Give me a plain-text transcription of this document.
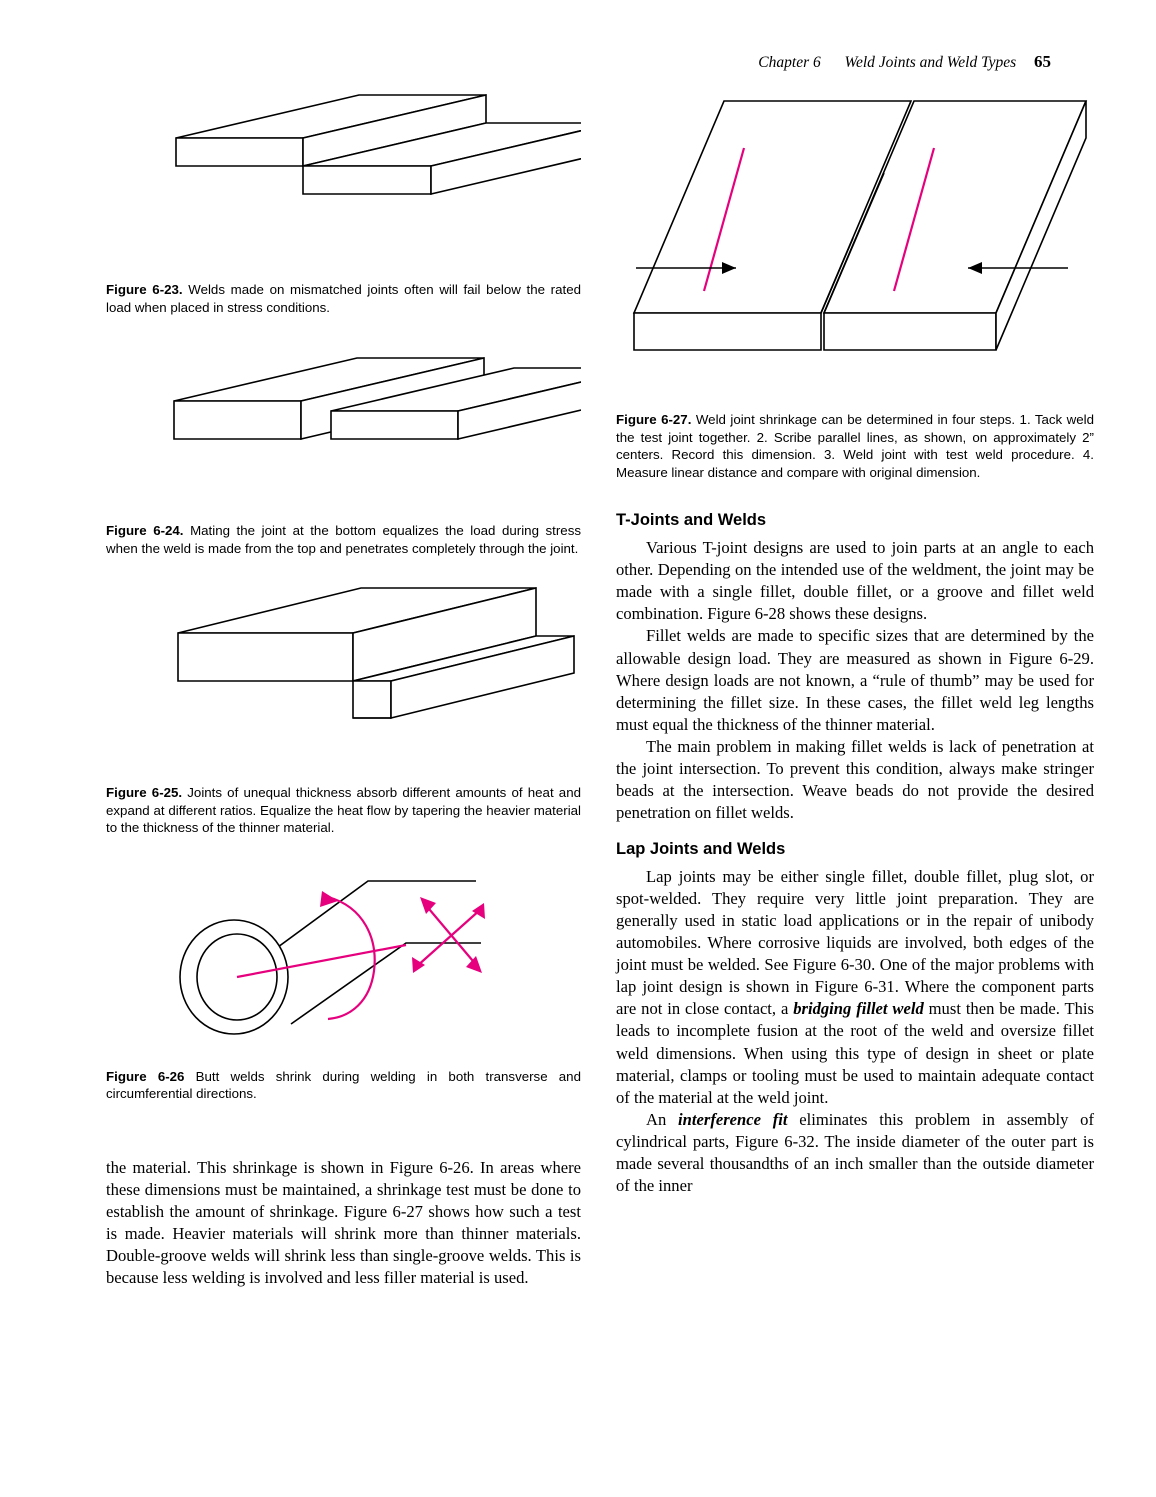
Chapter 6 Weld Joints and Weld Types 65

Figure 6-23. Welds made on mismatched joints often will fail below the rated load when placed in stress conditions.

Figure 6-24. Mating the joint at the bottom equalizes the load during stress when the weld is made from the top and penetrates completely through the joint.

Figure 6-25. Joints of unequal thickness absorb different amounts of heat and expand at different ratios. Equalize the heat flow by tapering the heavier material to the thickness of the thinner material.

Figure 6-26 Butt welds shrink during welding in both transverse and circumferential directions.

the material. This shrinkage is shown in Figure 6-26. In areas where these dimensions must be maintained, a shrinkage test must be done to establish the amount of shrinkage. Figure 6-27 shows how such a test is made. Heavier materials will shrink more than thinner materials. Double-groove welds will shrink less than single-groove welds. This is because less welding is involved and less filler material is used.

Figure 6-27. Weld joint shrinkage can be determined in four steps. 1. Tack weld the test joint together. 2. Scribe parallel lines, as shown, on approximately 2” centers. Record this dimension. 3. Weld joint with test weld procedure. 4. Measure linear distance and compare with original dimension.

T-Joints and Welds

Various T-joint designs are used to join parts at an angle to each other. Depending on the intended use of the weldment, the joint may be made with a single fillet, double fillet, or a groove and fillet weld combination. Figure 6-28 shows these designs.

Fillet welds are made to specific sizes that are determined by the allowable design load. They are measured as shown in Figure 6-29. Where design loads are not known, a “rule of thumb” may be used for determining the fillet size. In these cases, the fillet weld leg lengths must equal the thickness of the thinner material.

The main problem in making fillet welds is lack of penetration at the joint intersection. To prevent this condition, always make stringer beads at the intersection. Weave beads do not provide the desired penetration on fillet welds.

Lap Joints and Welds

Lap joints may be either single fillet, double fillet, plug slot, or spot-welded. They require very little joint preparation. They are generally used in static load applications or in the repair of unibody automobiles. Where corrosive liquids are involved, both edges of the joint must be welded. See Figure 6-30. One of the major problems with lap joint design is shown in Figure 6-31. Where the component parts are not in close contact, a bridging fillet weld must then be made. This leads to incomplete fusion at the root of the weld and oversize fillet weld dimensions. When using this type of design in sheet or plate material, clamps or tooling must be used to maintain adequate contact of the material at the weld joint.

An interference fit eliminates this problem in assembly of cylindrical parts, Figure 6-32. The inside diameter of the outer part is made several thousandths of an inch smaller than the outside diameter of the inner
